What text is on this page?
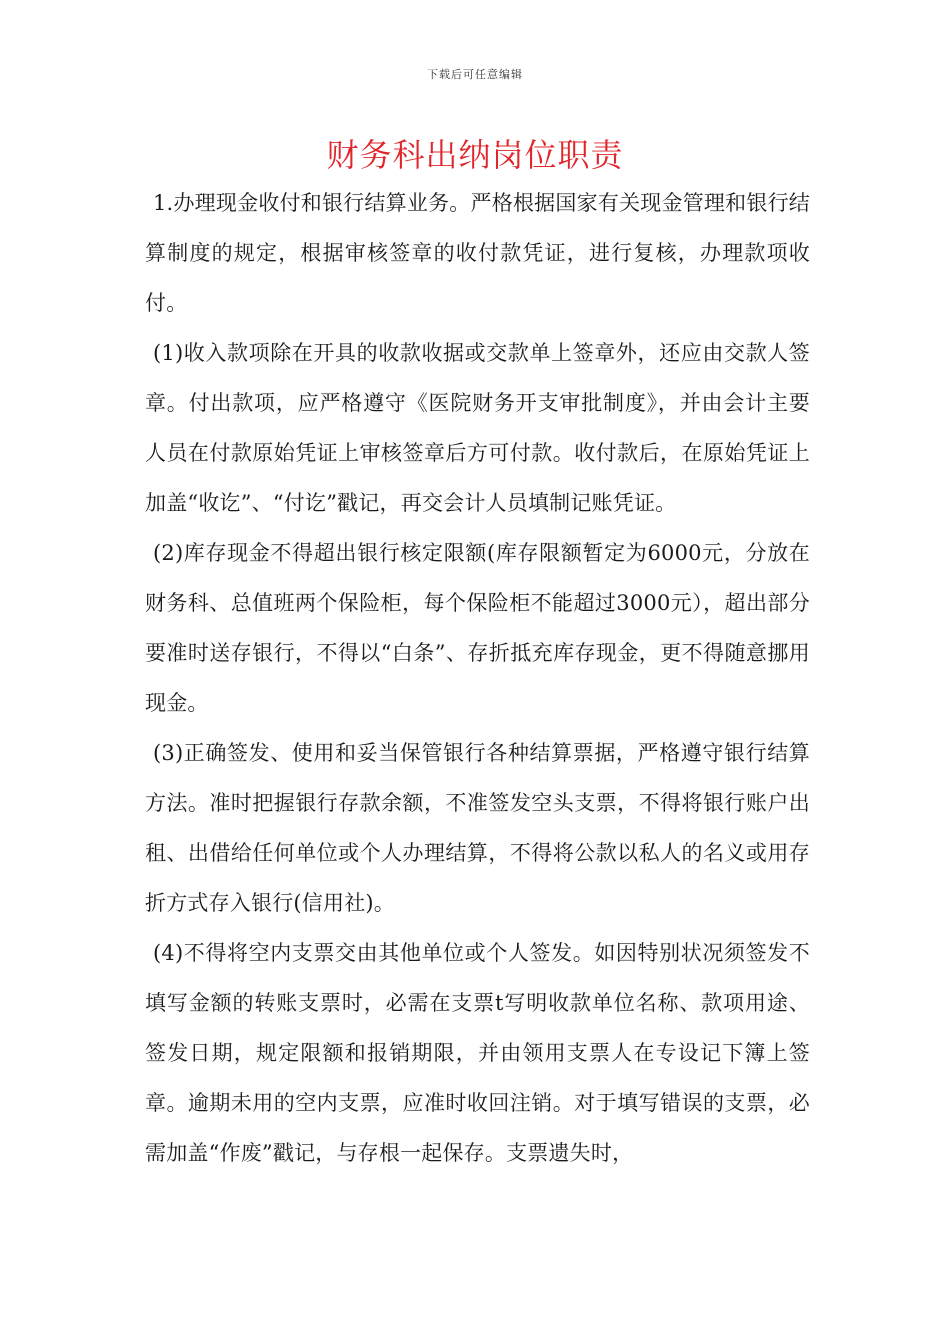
下载后可任意编辑
财务科出纳岗位职责

1.办理现金收付和银行结算业务。严格根据国家有关现金管理和银行结算制度的规定，根据审核签章的收付款凭证，进行复核，办理款项收付。

(1)收入款项除在开具的收款收据或交款单上签章外，还应由交款人签章。付出款项，应严格遵守《医院财务开支审批制度》，并由会计主要人员在付款原始凭证上审核签章后方可付款。收付款后，在原始凭证上加盖“收讫”、“付讫”戳记，再交会计人员填制记账凭证。

(2)库存现金不得超出银行核定限额(库存限额暂定为6000元，分放在财务科、总值班两个保险柜，每个保险柜不能超过3000元），超出部分要准时送存银行，不得以“白条”、存折抵充库存现金，更不得随意挪用现金。

(3)正确签发、使用和妥当保管银行各种结算票据，严格遵守银行结算方法。准时把握银行存款余额，不准签发空头支票，不得将银行账户出租、出借给任何单位或个人办理结算，不得将公款以私人的名义或用存折方式存入银行(信用社)。

(4)不得将空内支票交由其他单位或个人签发。如因特别状况须签发不填写金额的转账支票时，必需在支票t写明收款单位名称、款项用途、签发日期，规定限额和报销期限，并由领用支票人在专设记下簿上签章。逾期未用的空内支票，应准时收回注销。对于填写错误的支票，必需加盖“作废”戳记，与存根一起保存。支票遗失时，
